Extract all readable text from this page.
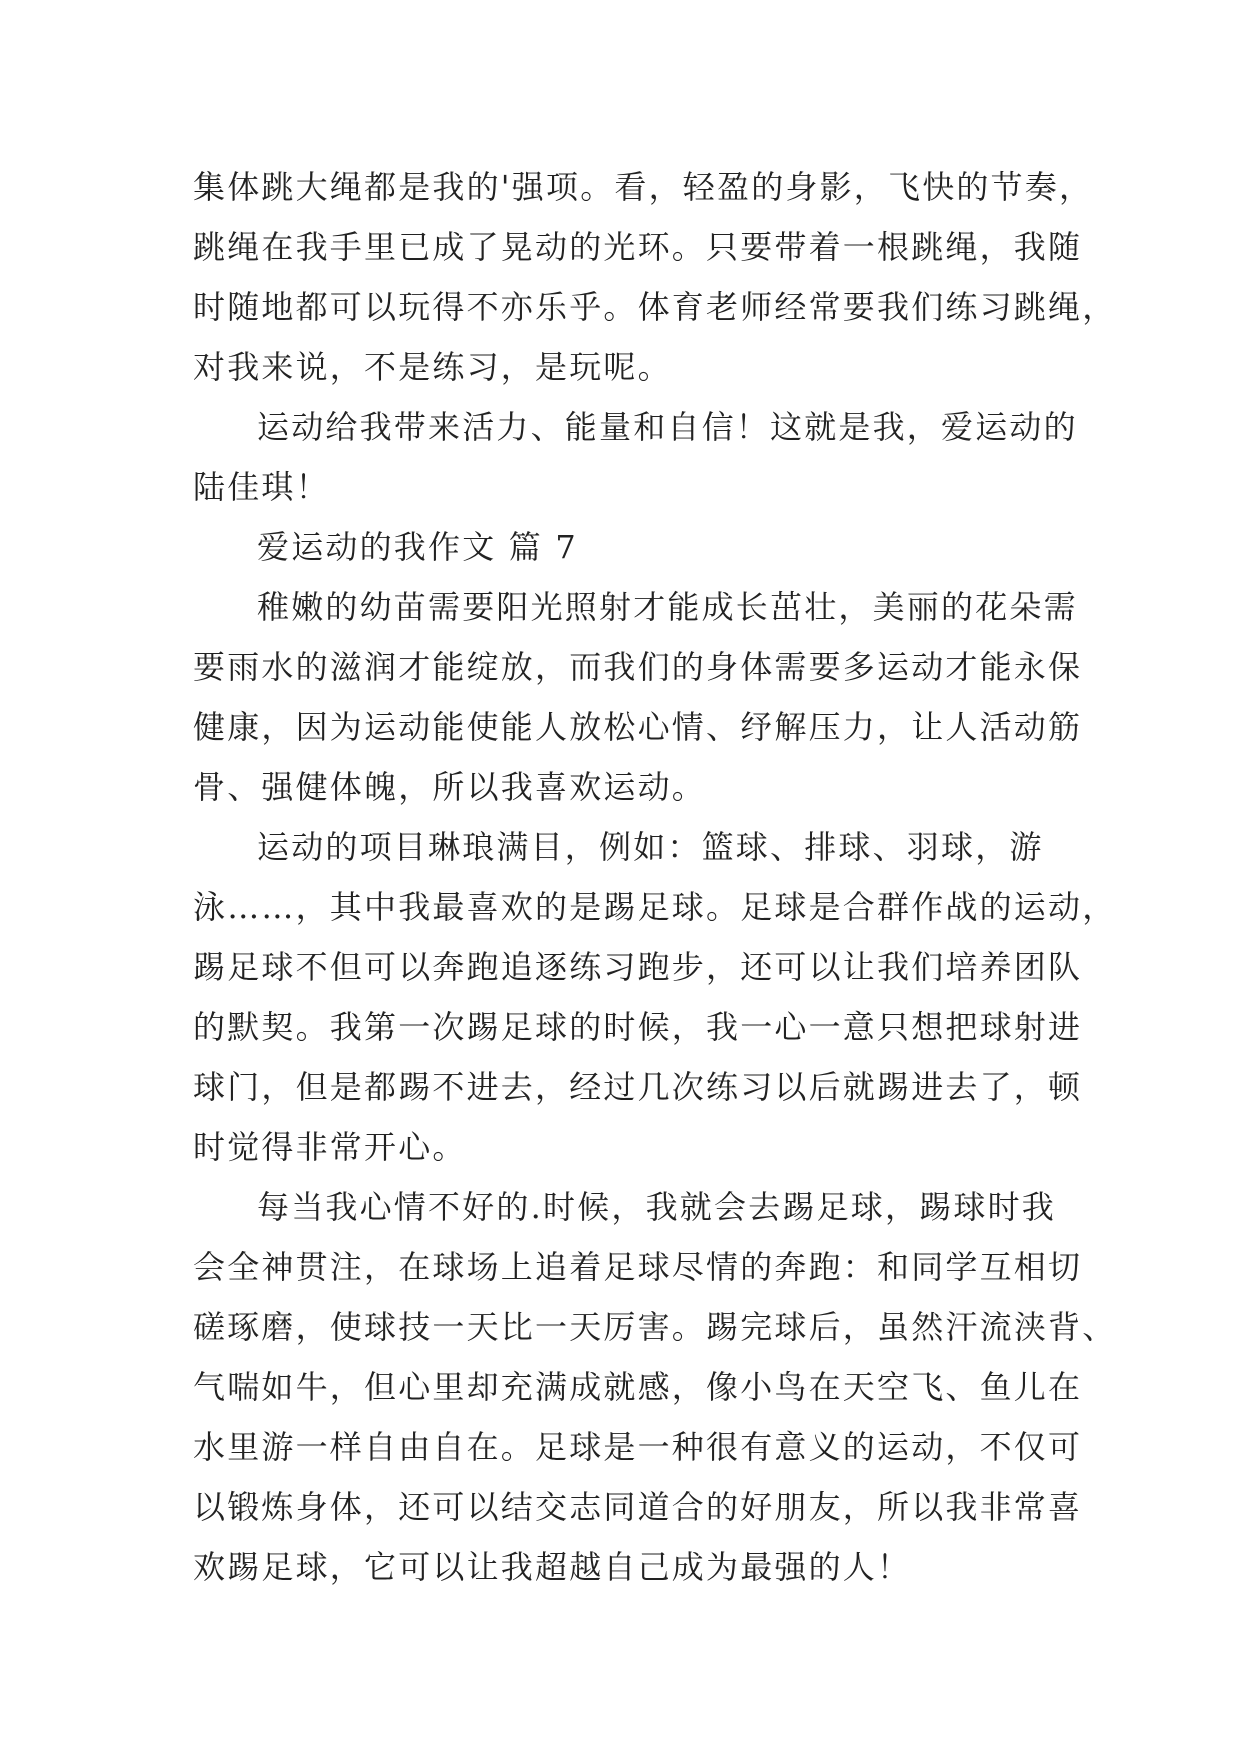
集体跳大绳都是我的'强项。看，轻盈的身影，飞快的节奏，

跳绳在我手里已成了晃动的光环。只要带着一根跳绳，我随

时随地都可以玩得不亦乐乎。体育老师经常要我们练习跳绳，

对我来说，不是练习，是玩呢。

运动给我带来活力、能量和自信！这就是我，爱运动的

陆佳琪！

爱运动的我作文 篇 7

稚嫩的幼苗需要阳光照射才能成长茁壮，美丽的花朵需

要雨水的滋润才能绽放，而我们的身体需要多运动才能永保

健康，因为运动能使能人放松心情、纾解压力，让人活动筋

骨、强健体魄，所以我喜欢运动。

运动的项目琳琅满目，例如：篮球、排球、羽球，游

泳……，其中我最喜欢的是踢足球。足球是合群作战的运动，

踢足球不但可以奔跑追逐练习跑步，还可以让我们培养团队

的默契。我第一次踢足球的时候，我一心一意只想把球射进

球门，但是都踢不进去，经过几次练习以后就踢进去了，顿

时觉得非常开心。

每当我心情不好的.时候，我就会去踢足球，踢球时我

会全神贯注，在球场上追着足球尽情的奔跑：和同学互相切

磋琢磨，使球技一天比一天厉害。踢完球后，虽然汗流浃背、

气喘如牛，但心里却充满成就感，像小鸟在天空飞、鱼儿在

水里游一样自由自在。足球是一种很有意义的运动，不仅可

以锻炼身体，还可以结交志同道合的好朋友，所以我非常喜

欢踢足球，它可以让我超越自己成为最强的人！
